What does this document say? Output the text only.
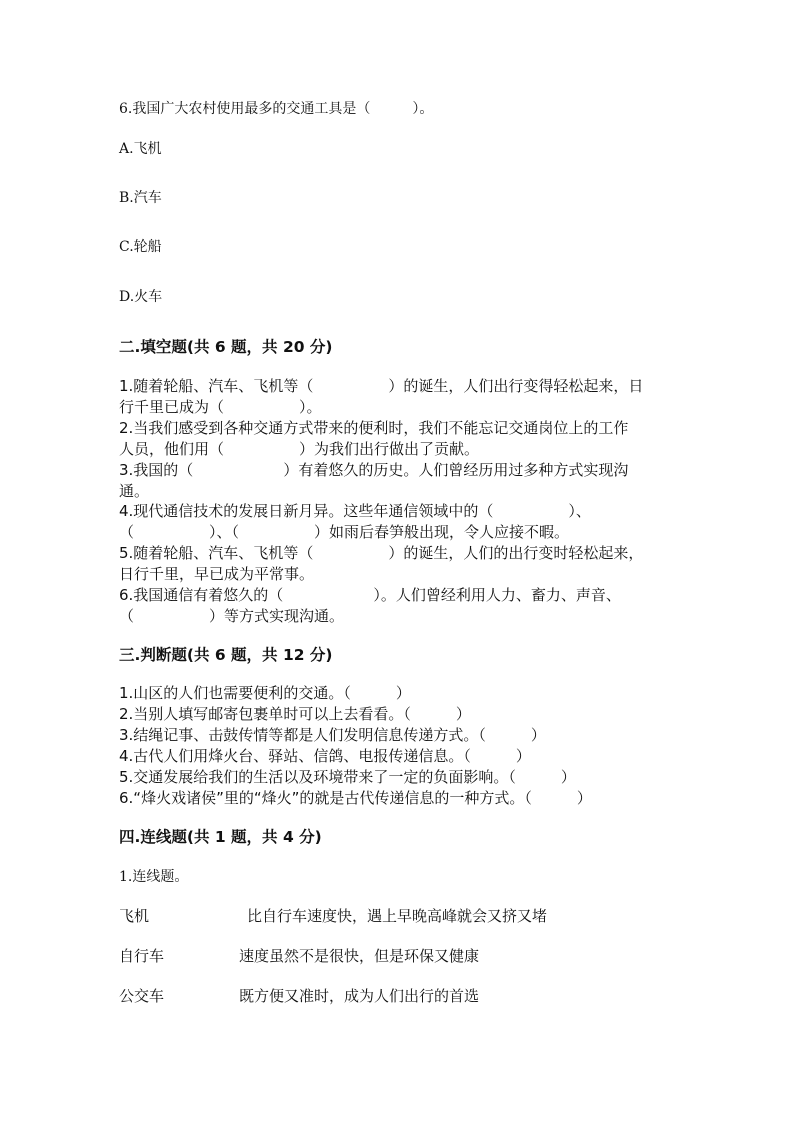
6.我国广大农村使用最多的交通工具是（　　　）。
A.飞机
B.汽车
C.轮船
D.火车
二.填空题(共 6 题，共 20 分)
1.随着轮船、汽车、飞机等（　　　　　）的诞生，人们出行变得轻松起来，日
行千里已成为（　　　　　）。
2.当我们感受到各种交通方式带来的便利时，我们不能忘记交通岗位上的工作
人员，他们用（　　　　　）为我们出行做出了贡献。
3.我国的（　　　　　　）有着悠久的历史。人们曾经历用过多种方式实现沟
通。
4.现代通信技术的发展日新月异。这些年通信领域中的（　　　　　）、
（　　　　　）、（　　　　　）如雨后春笋般出现，令人应接不暇。
5.随着轮船、汽车、飞机等（　　　　　）的诞生，人们的出行变时轻松起来，
日行千里，早已成为平常事。
6.我国通信有着悠久的（　　　　　　）。人们曾经利用人力、畜力、声音、
（　　　　　）等方式实现沟通。
三.判断题(共 6 题，共 12 分)
1.山区的人们也需要便利的交通。（　　　）
2.当别人填写邮寄包裹单时可以上去看看。（　　　）
3.结绳记事、击鼓传情等都是人们发明信息传递方式。（　　　）
4.古代人们用烽火台、驿站、信鸽、电报传递信息。（　　　）
5.交通发展给我们的生活以及环境带来了一定的负面影响。（　　　）
6.“烽火戏诸侯”里的“烽火”的就是古代传递信息的一种方式。（　　　）
四.连线题(共 1 题，共 4 分)
1.连线题。
飞机
自行车
公交车
比自行车速度快，遇上早晚高峰就会又挤又堵
速度虽然不是很快，但是环保又健康
既方便又准时，成为人们出行的首选
